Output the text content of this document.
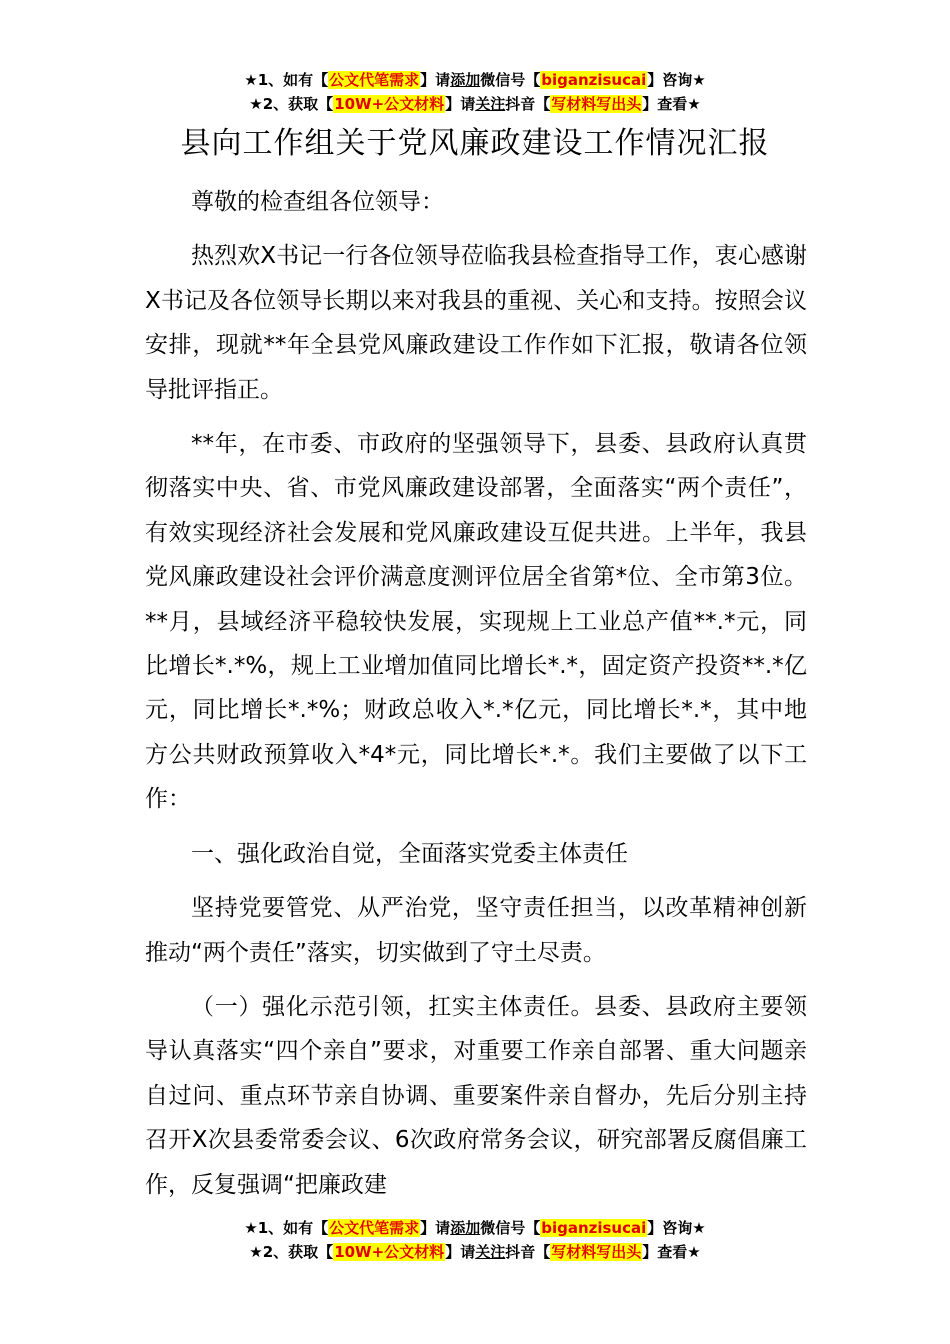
★1、如有【公文代笔需求】请添加微信号【biganzisucai】咨询★
★2、获取【10W+公文材料】请关注抖音【写材料写出头】查看★
县向工作组关于党风廉政建设工作情况汇报

尊敬的检查组各位领导：

热烈欢X书记一行各位领导莅临我县检查指导工作，衷心感谢X书记及各位领导长期以来对我县的重视、关心和支持。按照会议安排，现就**年全县党风廉政建设工作作如下汇报，敬请各位领导批评指正。

**年，在市委、市政府的坚强领导下，县委、县政府认真贯彻落实中央、省、市党风廉政建设部署，全面落实“两个责任”，有效实现经济社会发展和党风廉政建设互促共进。上半年，我县党风廉政建设社会评价满意度测评位居全省第*位、全市第3位。**月，县域经济平稳较快发展，实现规上工业总产值**.*元，同比增长*.*%，规上工业增加值同比增长*.*，固定资产投资**.*亿元，同比增长*.*%；财政总收入*.*亿元，同比增长*.*，其中地方公共财政预算收入*4*元，同比增长*.*。我们主要做了以下工作：

一、强化政治自觉，全面落实党委主体责任

坚持党要管党、从严治党，坚守责任担当，以改革精神创新推动“两个责任”落实，切实做到了守土尽责。

（一）强化示范引领，扛实主体责任。县委、县政府主要领导认真落实“四个亲自”要求，对重要工作亲自部署、重大问题亲自过问、重点环节亲自协调、重要案件亲自督办，先后分别主持召开X次县委常委会议、6次政府常务会议，研究部署反腐倡廉工作，反复强调“把廉政建

★1、如有【公文代笔需求】请添加微信号【biganzisucai】咨询★
★2、获取【10W+公文材料】请关注抖音【写材料写出头】查看★
